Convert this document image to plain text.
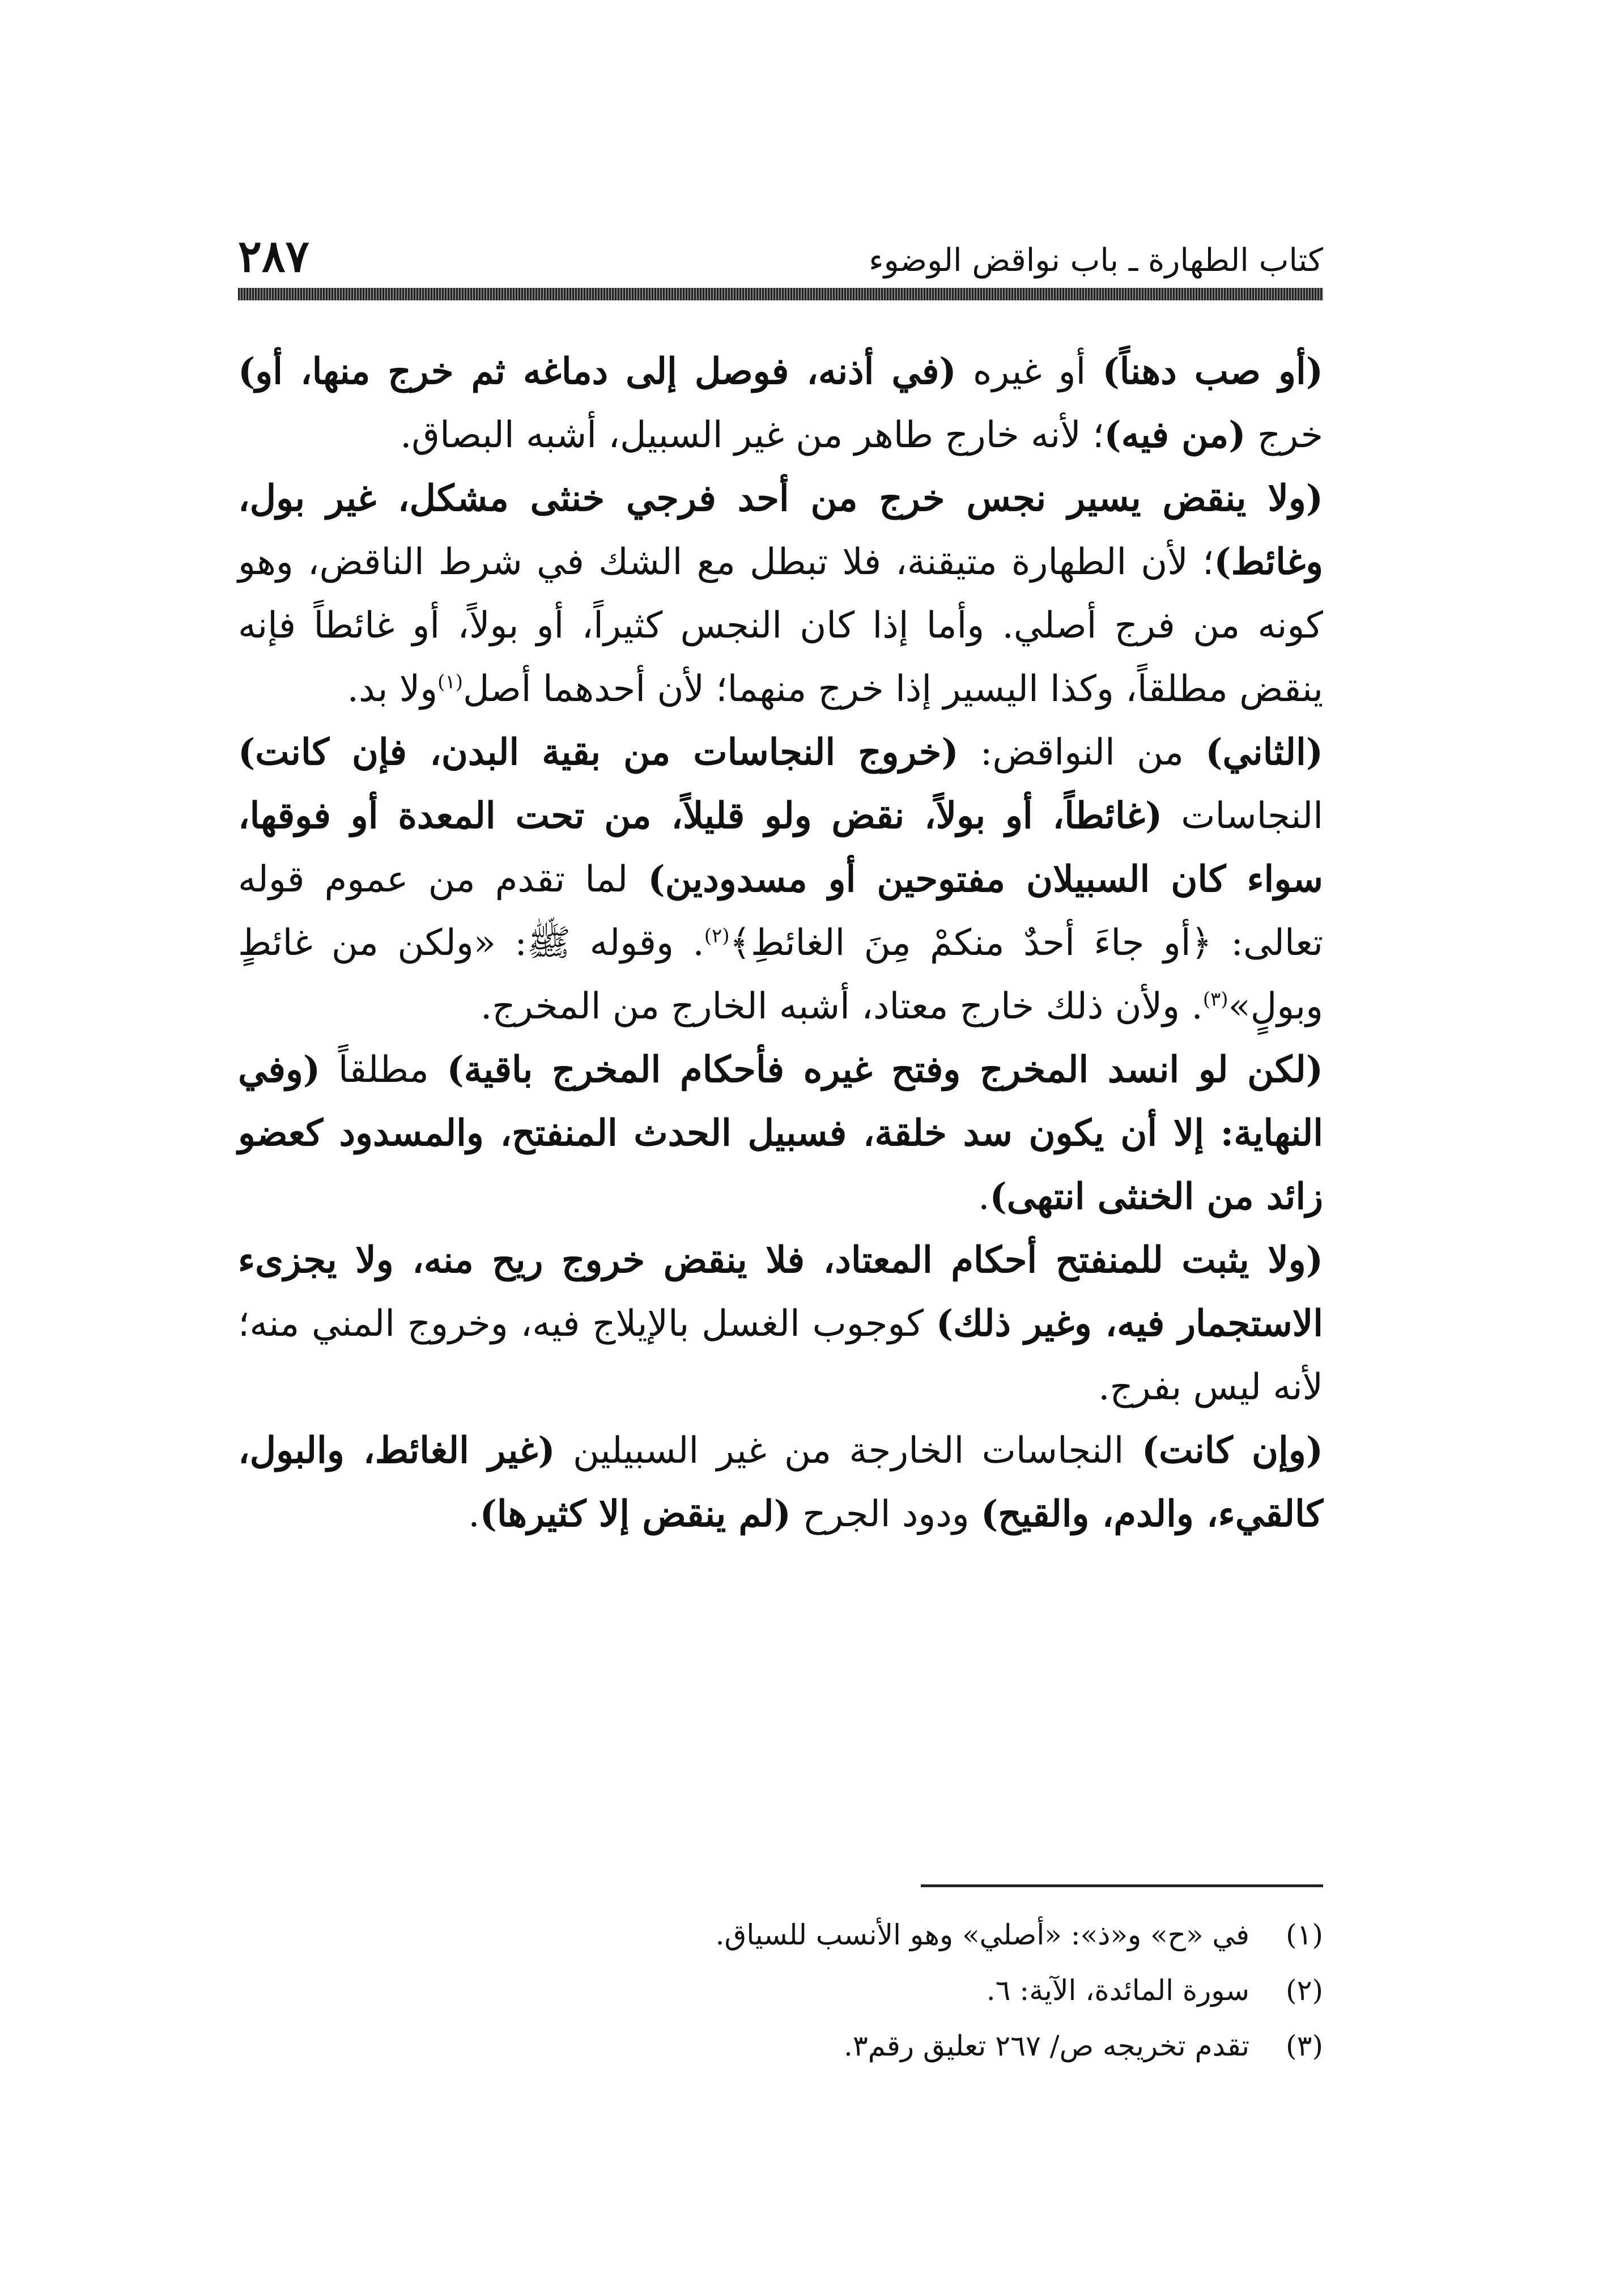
كتاب الطهارة ـ باب نواقض الوضوء
٢٨٧

(أو صب دهناً) أو غيره (في أذنه، فوصل إلى دماغه ثم خرج منها، أو) خرج (من فيه)؛ لأنه خارج طاهر من غير السبيل، أشبه البصاق.

(ولا ينقض يسير نجس خرج من أحد فرجي خنثى مشكل، غير بول، وغائط)؛ لأن الطهارة متيقنة، فلا تبطل مع الشك في شرط الناقض، وهو كونه من فرج أصلي. وأما إذا كان النجس كثيراً، أو بولاً، أو غائطاً فإنه ينقض مطلقاً، وكذا اليسير إذا خرج منهما؛ لأن أحدهما أصل$^{(١)}$ولا بد.

(الثاني) من النواقض: (خروج النجاسات من بقية البدن، فإن كانت) النجاسات (غائطاً، أو بولاً، نقض ولو قليلاً، من تحت المعدة أو فوقها، سواء كان السبيلان مفتوحين أو مسدودين) لما تقدم من عموم قوله تعالى: ﴿أو جاءَ أحدٌ منكمْ مِنَ الغائطِ﴾$^{(٢)}$. وقوله ﷺ: «ولكن من غائطٍ وبولٍ»$^{(٣)}$. ولأن ذلك خارج معتاد، أشبه الخارج من المخرج.

(لكن لو انسد المخرج وفتح غيره فأحكام المخرج باقية) مطلقاً (وفي النهاية: إلا أن يكون سد خلقة، فسبيل الحدث المنفتح، والمسدود كعضو زائد من الخنثى انتهى).

(ولا يثبت للمنفتح أحكام المعتاد، فلا ينقض خروج ريح منه، ولا يجزىء الاستجمار فيه، وغير ذلك) كوجوب الغسل بالإيلاج فيه، وخروج المني منه؛ لأنه ليس بفرج.

(وإن كانت) النجاسات الخارجة من غير السبيلين (غير الغائط، والبول، كالقيء، والدم، والقيح) ودود الجرح (لم ينقض إلا كثيرها).

(١)
في «ح» و«ذ»: «أصلي» وهو الأنسب للسياق.
(٢)
سورة المائدة، الآية: ٦.
(٣)
تقدم تخريجه ص/ ٢٦٧ تعليق رقم٣.
